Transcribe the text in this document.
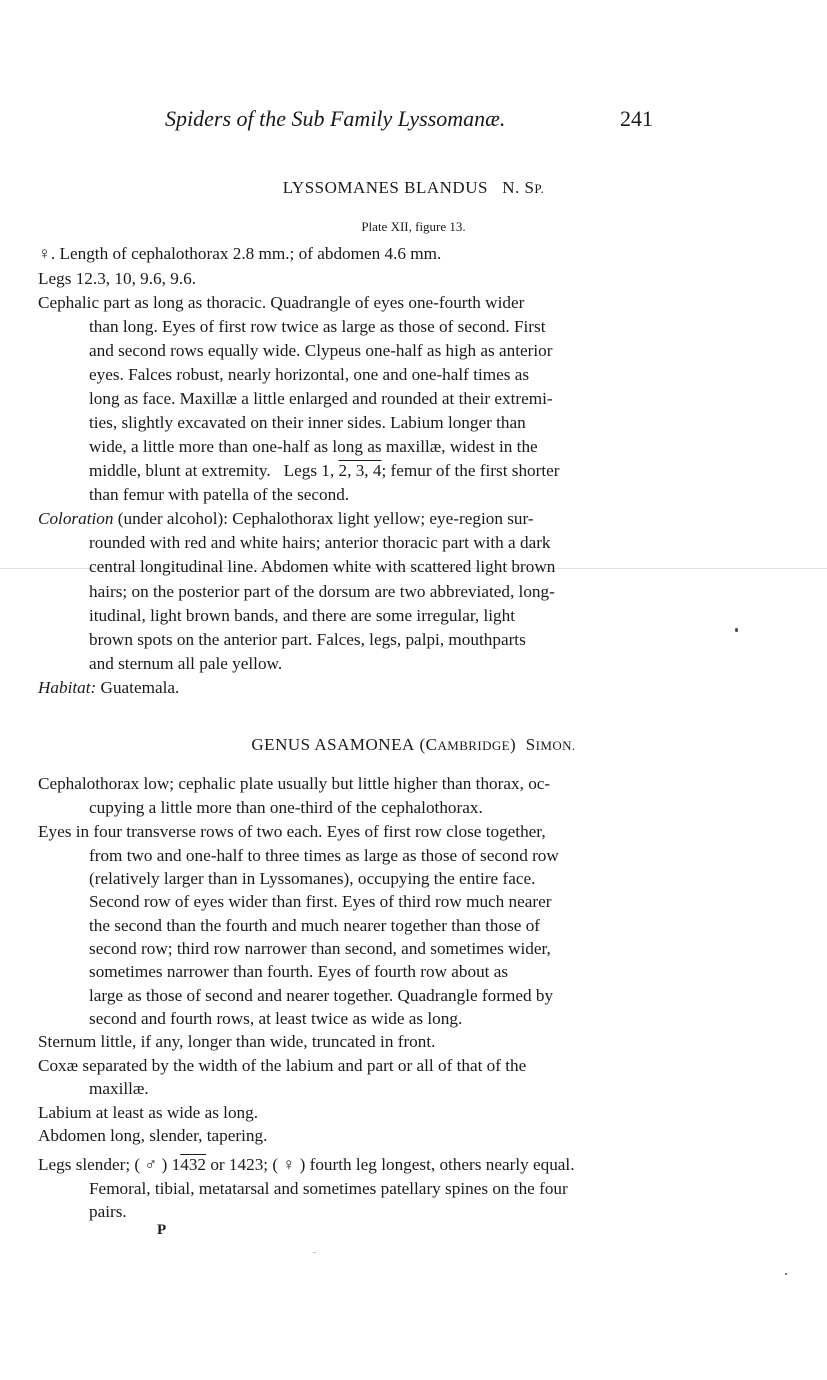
Spiders of the Sub Family Lyssomanæ.	241
LYSSOMANES BLANDUS N. SP.
Plate XII, figure 13.
♀. Length of cephalothorax 2.8 mm.; of abdomen 4.6 mm.
Legs 12.3, 10, 9.6, 9.6.
Cephalic part as long as thoracic. Quadrangle of eyes one-fourth wider
than long. Eyes of first row twice as large as those of second. First
and second rows equally wide. Clypeus one-half as high as anterior
eyes. Falces robust, nearly horizontal, one and one-half times as
long as face. Maxillæ a little enlarged and rounded at their extremi-
ties, slightly excavated on their inner sides. Labium longer than
wide, a little more than one-half as long as maxillæ, widest in the
middle, blunt at extremity. Legs 1, 2, 3, 4; femur of the first shorter
than femur with patella of the second.
Coloration (under alcohol): Cephalothorax light yellow; eye-region sur-
rounded with red and white hairs; anterior thoracic part with a dark
central longitudinal line. Abdomen white with scattered light brown
hairs; on the posterior part of the dorsum are two abbreviated, long-
itudinal, light brown bands, and there are some irregular, light
brown spots on the anterior part. Falces, legs, palpi, mouthparts
and sternum all pale yellow.
Habitat: Guatemala.
GENUS ASAMONEA (CAMBRIDGE) SIMON.
Cephalothorax low; cephalic plate usually but little higher than thorax, oc-
cupying a little more than one-third of the cephalothorax.
Eyes in four transverse rows of two each. Eyes of first row close together,
from two and one-half to three times as large as those of second row
(relatively larger than in Lyssomanes), occupying the entire face.
Second row of eyes wider than first. Eyes of third row much nearer
the second than the fourth and much nearer together than those of
second row; third row narrower than second, and sometimes wider,
sometimes narrower than fourth. Eyes of fourth row about as
large as those of second and nearer together. Quadrangle formed by
second and fourth rows, at least twice as wide as long.
Sternum little, if any, longer than wide, truncated in front.
Coxæ separated by the width of the labium and part or all of that of the
maxillæ.
Labium at least as wide as long.
Abdomen long, slender, tapering.
Legs slender; ( ♂ ) 1432 or 1423; ( ♀ ) fourth leg longest, others nearly equal.
Femoral, tibial, metatarsal and sometimes patellary spines on the four
pairs.
P
